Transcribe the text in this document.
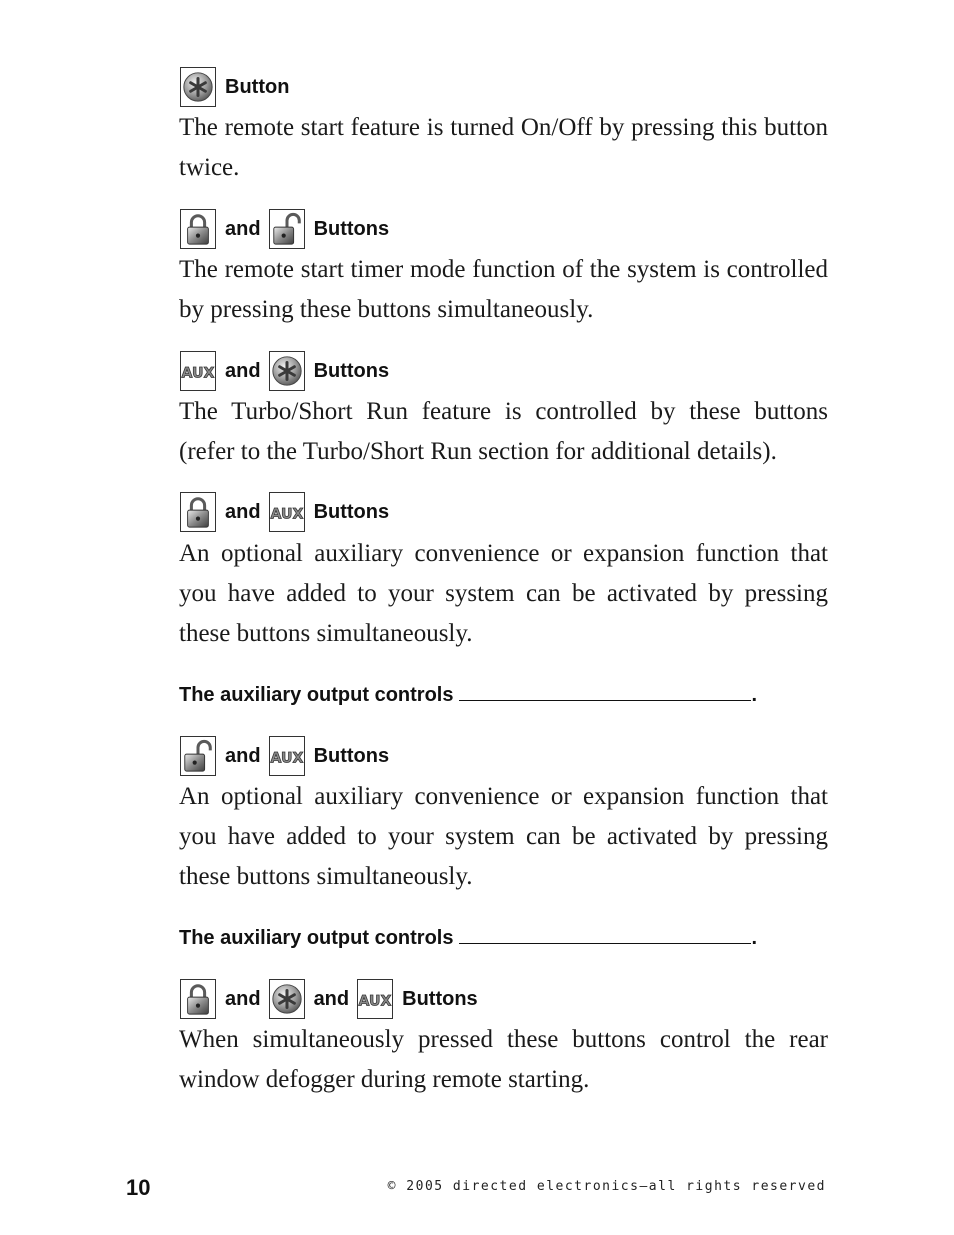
Button

The remote start feature is turned On/Off by pressing this button twice.

and	Buttons

The remote start timer mode function of the system is controlled by pressing these buttons simultaneously.

AUX and	Buttons

The Turbo/Short Run feature is controlled by these buttons (refer to the Turbo/Short Run section for additional details).

and AUX Buttons

An optional auxiliary convenience or expansion function that you have added to your system can be activated by pressing these buttons simultaneously.

The auxiliary output controls	.
and AUX Buttons

An optional auxiliary convenience or expansion function that you have added to your system can be activated by pressing these buttons simultaneously.

The auxiliary output controls	.
and	and AUX Buttons

When simultaneously pressed these buttons control the rear window defogger during remote starting.

10	© 2005 directed electronics—all rights reserved
